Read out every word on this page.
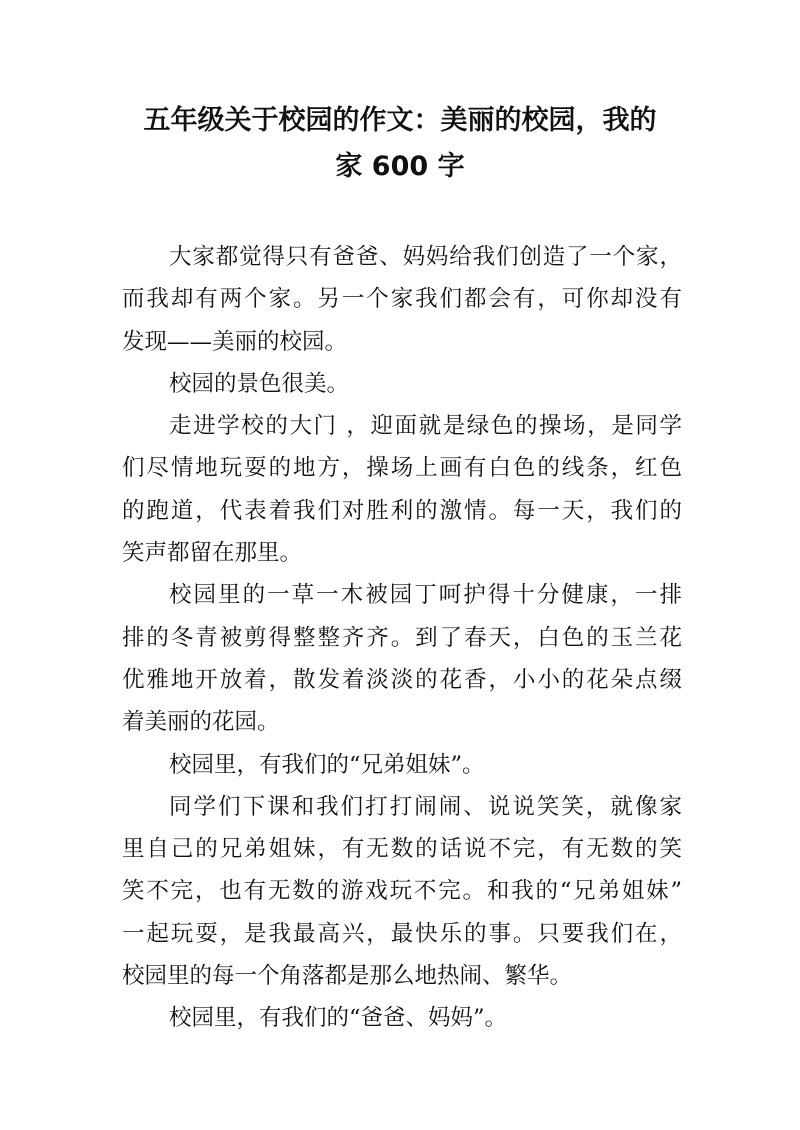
五年级关于校园的作文：美丽的校园，我的
家 600 字
大家都觉得只有爸爸、妈妈给我们创造了一个家，
而我却有两个家。另一个家我们都会有，可你却没有
发现——美丽的校园。
校园的景色很美。
走进学校的大门 ，迎面就是绿色的操场，是同学
们尽情地玩耍的地方，操场上画有白色的线条，红色
的跑道，代表着我们对胜利的激情。每一天，我们的
笑声都留在那里。
校园里的一草一木被园丁呵护得十分健康，一排
排的冬青被剪得整整齐齐。到了春天，白色的玉兰花
优雅地开放着，散发着淡淡的花香，小小的花朵点缀
着美丽的花园。
校园里，有我们的“兄弟姐妹”。
同学们下课和我们打打闹闹、说说笑笑，就像家
里自己的兄弟姐妹，有无数的话说不完，有无数的笑
笑不完，也有无数的游戏玩不完。和我的“兄弟姐妹”
一起玩耍，是我最高兴，最快乐的事。只要我们在，
校园里的每一个角落都是那么地热闹、繁华。
校园里，有我们的“爸爸、妈妈”。
